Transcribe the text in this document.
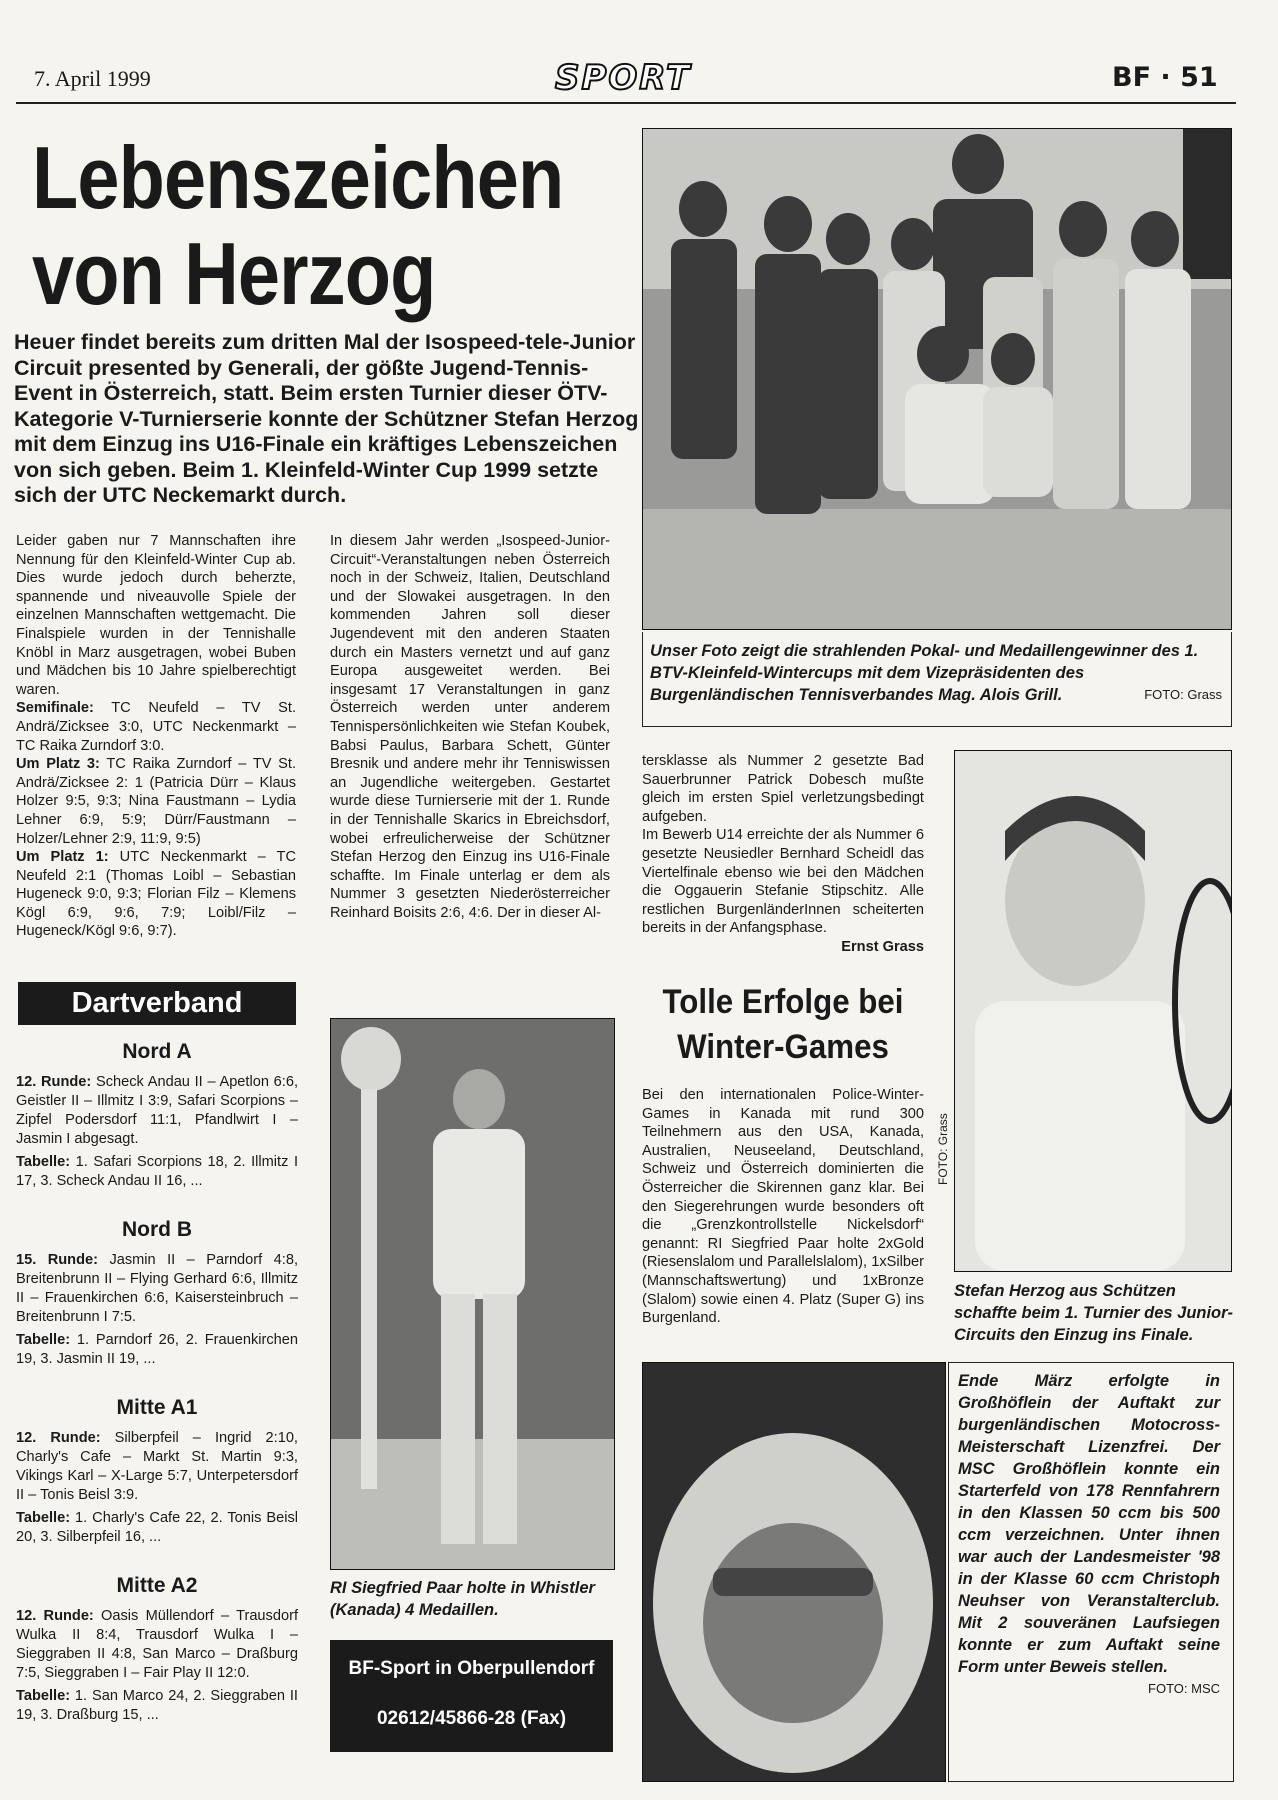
7. April 1999	SPORT	BF · 51
Lebenszeichen
von Herzog
Heuer findet bereits zum dritten Mal der Isospeed-tele-Junior Circuit presented by Generali, der gößte Jugend-Tennis-Event in Österreich, statt. Beim ersten Turnier dieser ÖTV-Kategorie V-Turnierserie konnte der Schützner Stefan Herzog mit dem Einzug ins U16-Finale ein kräftiges Lebenszeichen von sich geben. Beim 1. Kleinfeld-Winter Cup 1999 setzte sich der UTC Neckemarkt durch.

Leider gaben nur 7 Mannschaften ihre Nennung für den Kleinfeld-Winter Cup ab. Dies wurde jedoch durch beherzte, spannende und niveauvolle Spiele der einzelnen Mannschaften wettgemacht. Die Finalspiele wurden in der Tennishalle Knöbl in Marz ausgetragen, wobei Buben und Mädchen bis 10 Jahre spielberechtigt waren.

Semifinale: TC Neufeld – TV St. Andrä/Zicksee 3:0, UTC Neckenmarkt – TC Raika Zurndorf 3:0.

Um Platz 3: TC Raika Zurndorf – TV St. Andrä/Zicksee 2: 1 (Patricia Dürr – Klaus Holzer 9:5, 9:3; Nina Faustmann – Lydia Lehner 6:9, 5:9; Dürr/Faustmann – Holzer/Lehner 2:9, 11:9, 9:5)

Um Platz 1: UTC Neckenmarkt – TC Neufeld 2:1 (Thomas Loibl – Sebastian Hugeneck 9:0, 9:3; Florian Filz – Klemens Kögl 6:9, 9:6, 7:9; Loibl/Filz – Hugeneck/Kögl 9:6, 9:7).

In diesem Jahr werden „Isospeed-Junior-Circuit“-Veranstaltungen neben Österreich noch in der Schweiz, Italien, Deutschland und der Slowakei ausgetragen. In den kommenden Jahren soll dieser Jugendevent mit den anderen Staaten durch ein Masters vernetzt und auf ganz Europa ausgeweitet werden. Bei insgesamt 17 Veranstaltungen in ganz Österreich werden unter anderem Tennispersönlichkeiten wie Stefan Koubek, Babsi Paulus, Barbara Schett, Günter Bresnik und andere mehr ihr Tenniswissen an Jugendliche weitergeben. Gestartet wurde diese Turnierserie mit der 1. Runde in der Tennishalle Skarics in Ebreichsdorf, wobei erfreulicherweise der Schützner Stefan Herzog den Einzug ins U16-Finale schaffte. Im Finale unterlag er dem als Nummer 3 gesetzten Niederösterreicher Reinhard Boisits 2:6, 4:6. Der in dieser Al-

Unser Foto zeigt die strahlenden Pokal- und Medaillengewinner des 1. BTV-Kleinfeld-Wintercups mit dem Vizepräsidenten des Burgenländischen Tennisverbandes Mag. Alois Grill.	FOTO: Grass

tersklasse als Nummer 2 gesetzte Bad Sauerbrunner Patrick Dobesch mußte gleich im ersten Spiel verletzungsbedingt aufgeben.

Im Bewerb U14 erreichte der als Nummer 6 gesetzte Neusiedler Bernhard Scheidl das Viertelfinale ebenso wie bei den Mädchen die Oggauerin Stefanie Stipschitz. Alle restlichen BurgenländerInnen scheiterten bereits in der Anfangsphase.

Ernst Grass
FOTO: Grass
Stefan Herzog aus Schützen schaffte beim 1. Turnier des Junior-Circuits den Einzug ins Finale.
Dartverband
Nord A

12. Runde: Scheck Andau II – Apetlon 6:6, Geistler II – Illmitz I 3:9, Safari Scorpions – Zipfel Podersdorf 11:1, Pfandlwirt I – Jasmin I abgesagt.

Tabelle: 1. Safari Scorpions 18, 2. Illmitz I 17, 3. Scheck Andau II 16, ...

Nord B

15. Runde: Jasmin II – Parndorf 4:8, Breitenbrunn II – Flying Gerhard 6:6, Illmitz II – Frauenkirchen 6:6, Kaisersteinbruch – Breitenbrunn I 7:5.

Tabelle: 1. Parndorf 26, 2. Frauenkirchen 19, 3. Jasmin II 19, ...

Mitte A1

12. Runde: Silberpfeil – Ingrid 2:10, Charly's Cafe – Markt St. Martin 9:3, Vikings Karl – X-Large 5:7, Unterpetersdorf II – Tonis Beisl 3:9.

Tabelle: 1. Charly's Cafe 22, 2. Tonis Beisl 20, 3. Silberpfeil 16, ...

Mitte A2

12. Runde: Oasis Müllendorf – Trausdorf Wulka II 8:4, Trausdorf Wulka I – Sieggraben II 4:8, San Marco – Draßburg 7:5, Sieggraben I – Fair Play II 12:0.

Tabelle: 1. San Marco 24, 2. Sieggraben II 19, 3. Draßburg 15, ...

RI Siegfried Paar holte in Whistler (Kanada) 4 Medaillen.
BF-Sport in Oberpullendorf
02612/45866-28 (Fax)
Tolle Erfolge bei Winter-Games

Bei den internationalen Police-Winter-Games in Kanada mit rund 300 Teilnehmern aus den USA, Kanada, Australien, Neuseeland, Deutschland, Schweiz und Österreich dominierten die Österreicher die Skirennen ganz klar. Bei den Siegerehrungen wurde besonders oft die „Grenzkontrollstelle Nickelsdorf“ genannt: RI Siegfried Paar holte 2xGold (Riesenslalom und Parallelslalom), 1xSilber (Mannschaftswertung) und 1xBronze (Slalom) sowie einen 4. Platz (Super G) ins Burgenland.

Ende März erfolgte in Großhöflein der Auftakt zur burgenländischen Motocross-Meisterschaft Lizenzfrei. Der MSC Großhöflein konnte ein Starterfeld von 178 Rennfahrern in den Klassen 50 ccm bis 500 ccm verzeichnen. Unter ihnen war auch der Landesmeister '98 in der Klasse 60 ccm Christoph Neuhser von Veranstalterclub. Mit 2 souveränen Laufsiegen konnte er zum Auftakt seine Form unter Beweis stellen.
FOTO: MSC
